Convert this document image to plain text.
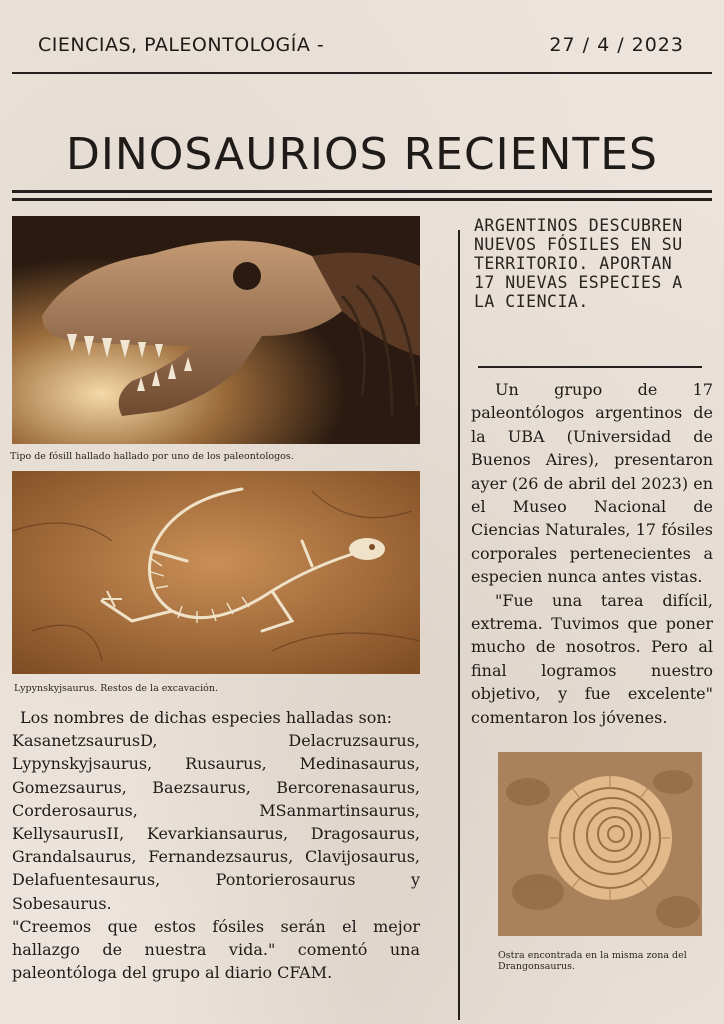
CIENCIAS, PALEONTOLOGÍA -	27 / 4 / 2023
DINOSAURIOS RECIENTES
Tipo de fósill hallado hallado por uno de los paleontologos.
Lypynskyjsaurus. Restos de la excavación.

Los nombres de dichas especies halladas son:

KasanetzsaurusD, Delacruzsaurus, Lypynskyjsaurus, Rusaurus, Medinasaurus, Gomezsaurus, Baezsaurus, Bercorenasaurus, Corderosaurus, MSanmartinsaurus, KellysaurusII, Kevarkiansaurus, Dragosaurus, Grandalsaurus, Fernandezsaurus, Clavijosaurus, Delafuentesaurus, Pontorierosaurus y Sobesaurus.

"Creemos que estos fósiles serán el mejor hallazgo de nuestra vida." comentó una paleontóloga del grupo al diario CFAM.

ARGENTINOS DESCUBREN NUEVOS FÓSILES EN SU TERRITORIO. APORTAN 17 NUEVAS ESPECIES A LA CIENCIA.

Un grupo de 17 paleontólogos argentinos de la UBA (Universidad de Buenos Aires), presentaron ayer (26 de abril del 2023) en el Museo Nacional de Ciencias Naturales, 17 fósiles corporales pertenecientes a especien nunca antes vistas.

"Fue una tarea difícil, extrema. Tuvimos que poner mucho de nosotros. Pero al final logramos nuestro objetivo, y fue excelente" comentaron los jóvenes.

Ostra encontrada en la misma zona del Drangonsaurus.
